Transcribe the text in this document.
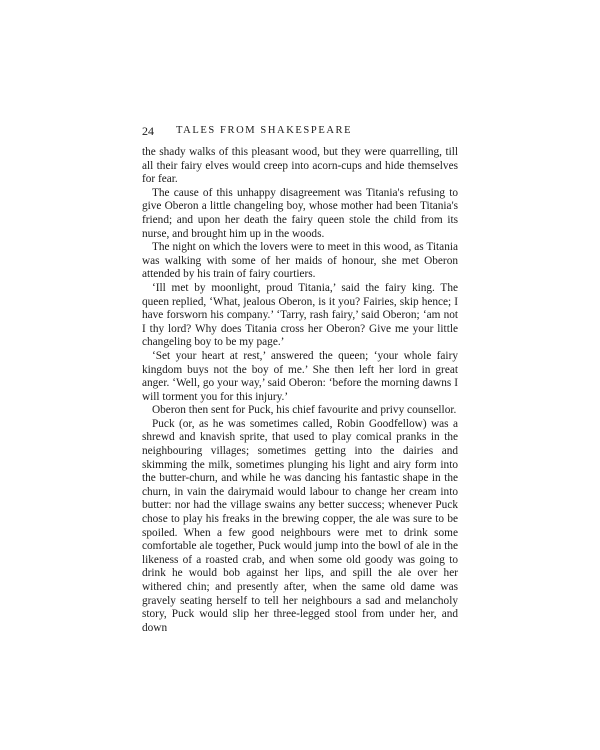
24 TALES FROM SHAKESPEARE

the shady walks of this pleasant wood, but they were quarrelling, till all their fairy elves would creep into acorn-cups and hide themselves for fear.

The cause of this unhappy disagreement was Titania's refusing to give Oberon a little changeling boy, whose mother had been Titania's friend; and upon her death the fairy queen stole the child from its nurse, and brought him up in the woods.

The night on which the lovers were to meet in this wood, as Titania was walking with some of her maids of honour, she met Oberon attended by his train of fairy courtiers.

‘Ill met by moonlight, proud Titania,’ said the fairy king. The queen replied, ‘What, jealous Oberon, is it you? Fairies, skip hence; I have forsworn his company.’ ‘Tarry, rash fairy,’ said Oberon; ‘am not I thy lord? Why does Titania cross her Oberon? Give me your little changeling boy to be my page.’

‘Set your heart at rest,’ answered the queen; ‘your whole fairy kingdom buys not the boy of me.’ She then left her lord in great anger. ‘Well, go your way,’ said Oberon: ‘before the morning dawns I will torment you for this injury.’

Oberon then sent for Puck, his chief favourite and privy counsellor.

Puck (or, as he was sometimes called, Robin Goodfellow) was a shrewd and knavish sprite, that used to play comical pranks in the neighbouring villages; sometimes getting into the dairies and skimming the milk, sometimes plunging his light and airy form into the butter-churn, and while he was dancing his fantastic shape in the churn, in vain the dairymaid would labour to change her cream into butter: nor had the village swains any better success; whenever Puck chose to play his freaks in the brewing copper, the ale was sure to be spoiled. When a few good neighbours were met to drink some comfortable ale together, Puck would jump into the bowl of ale in the likeness of a roasted crab, and when some old goody was going to drink he would bob against her lips, and spill the ale over her withered chin; and presently after, when the same old dame was gravely seating herself to tell her neighbours a sad and melancholy story, Puck would slip her three-legged stool from under her, and down
